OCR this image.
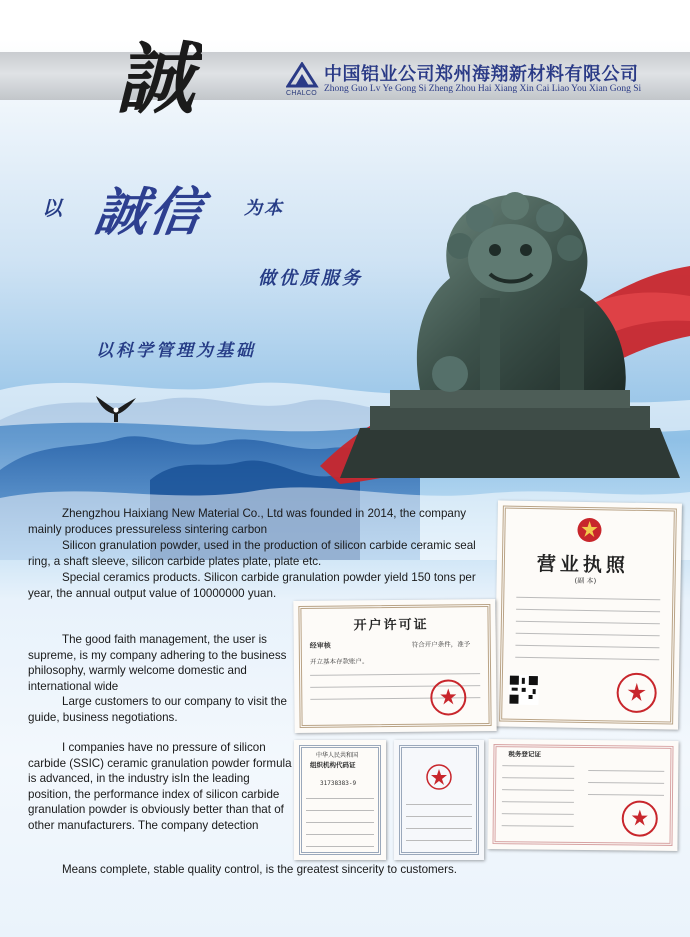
誠	CHALCO
中国铝业公司郑州海翔新材料有限公司
Zhong Guo Lv Ye Gong Si Zheng Zhou Hai Xiang Xin Cai Liao You Xian Gong Si
以 誠信 为本
做优质服务
以科学管理为基础

Zhengzhou Haixiang New Material Co., Ltd was founded in 2014, the company mainly produces pressureless sintering carbon

Silicon granulation powder, used in the production of silicon carbide ceramic seal ring, a shaft sleeve, silicon carbide plates plate, plate etc.

Special ceramics products. Silicon carbide granulation powder yield 150 tons per year, the annual output value of 10000000 yuan.

The good faith management, the user is supreme, is my company adhering to the business philosophy, warmly welcome domestic and international wide

Large customers to our company to visit the guide, business negotiations.

I companies have no pressure of silicon carbide (SSIC) ceramic granulation powder formula is advanced, in the industry isIn the leading position, the performance index of silicon carbide granulation powder is obviously better than that of other manufacturers. The company detection

Means complete, stable quality control, is the greatest sincerity to customers.

营业执照
(副 本)
开户许可证
经审核	符合开户条件，准予
开立基本存款账户。
中华人民共和国
组织机构代码证
31738383-9
税务登记证
